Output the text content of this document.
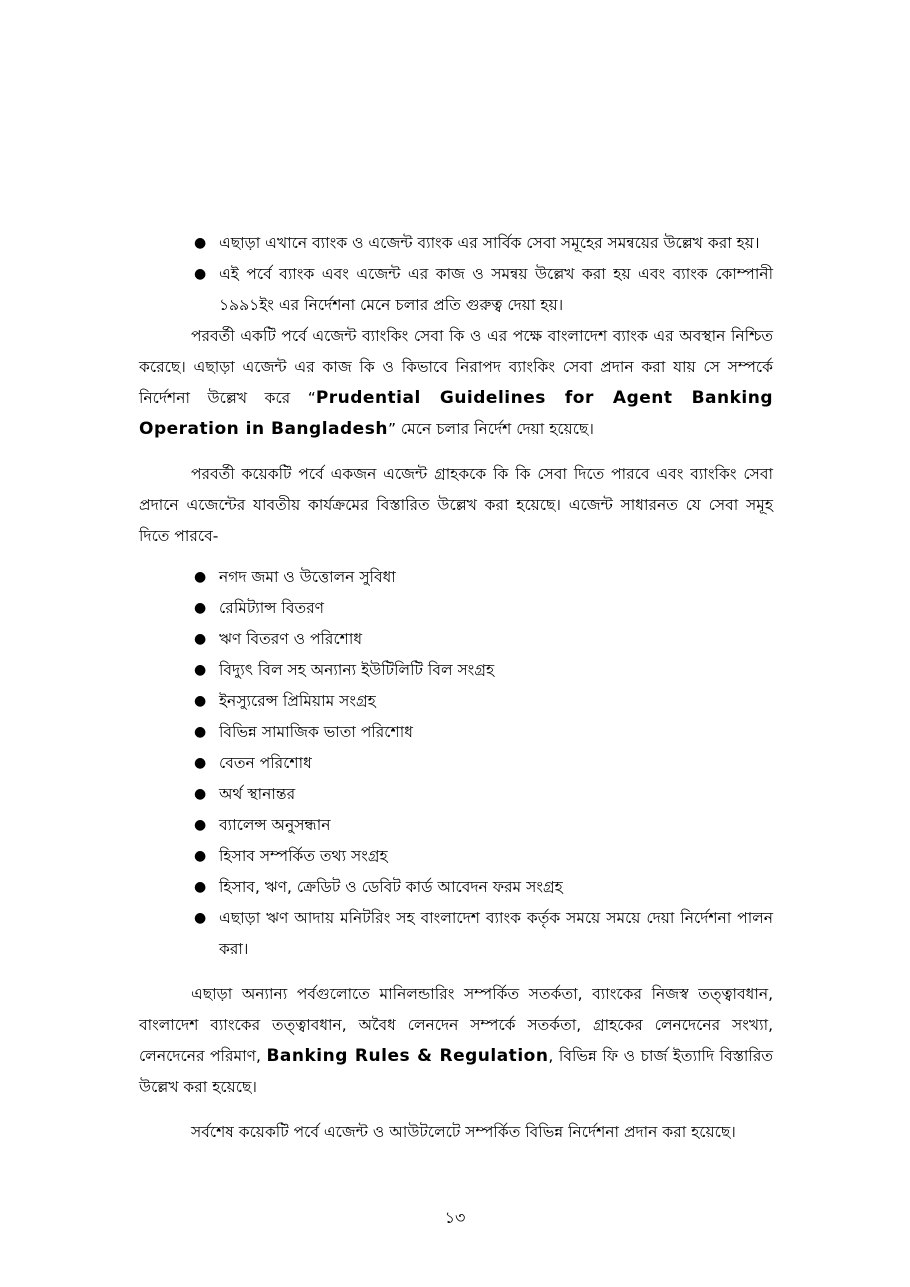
● এছাড়া এখানে ব্যাংক ও এজেন্ট ব্যাংক এর সার্বিক সেবা সমূহের সমন্বয়ের উল্লেখ করা হয়।
● এই পর্বে ব্যাংক এবং এজেন্ট এর কাজ ও সমন্বয় উল্লেখ করা হয় এবং ব্যাংক কোম্পানী ১৯৯১ইং এর নির্দেশনা মেনে চলার প্রতি গুরুত্ব দেয়া হয়।

পরবর্তী একটি পর্বে এজেন্ট ব্যাংকিং সেবা কি ও এর পক্ষে বাংলাদেশ ব্যাংক এর অবস্থান নিশ্চিত করেছে। এছাড়া এজেন্ট এর কাজ কি ও কিভাবে নিরাপদ ব্যাংকিং সেবা প্রদান করা যায় সে সম্পর্কে নির্দেশনা উল্লেখ করে “Prudential Guidelines for Agent Banking Operation in Bangladesh” মেনে চলার নির্দেশ দেয়া হয়েছে।

পরবর্তী কয়েকটি পর্বে একজন এজেন্ট গ্রাহককে কি কি সেবা দিতে পারবে এবং ব্যাংকিং সেবা প্রদানে এজেন্টের যাবতীয় কার্যক্রমের বিস্তারিত উল্লেখ করা হয়েছে। এজেন্ট সাধারনত যে সেবা সমূহ দিতে পারবে-

● নগদ জমা ও উত্তোলন সুবিধা
● রেমিট্যান্স বিতরণ
● ঋণ বিতরণ ও পরিশোধ
● বিদ্যুৎ বিল সহ অন্যান্য ইউটিলিটি বিল সংগ্রহ
● ইনস্যুরেন্স প্রিমিয়াম সংগ্রহ
● বিভিন্ন সামাজিক ভাতা পরিশোধ
● বেতন পরিশোধ
● অর্থ স্থানান্তর
● ব্যালেন্স অনুসন্ধান
● হিসাব সম্পর্কিত তথ্য সংগ্রহ
● হিসাব, ঋণ, ক্রেডিট ও ডেবিট কার্ড আবেদন ফরম সংগ্রহ
● এছাড়া ঋণ আদায় মনিটরিং সহ বাংলাদেশ ব্যাংক কর্তৃক সময়ে সময়ে দেয়া নির্দেশনা পালন করা।

এছাড়া অন্যান্য পর্বগুলোতে মানিলন্ডারিং সম্পর্কিত সতর্কতা, ব্যাংকের নিজস্ব তত্ত্বাবধান, বাংলাদেশ ব্যাংকের তত্ত্বাবধান, অবৈধ লেনদেন সম্পর্কে সতর্কতা, গ্রাহকের লেনদেনের সংখ্যা, লেনদেনের পরিমাণ, Banking Rules & Regulation, বিভিন্ন ফি ও চার্জ ইত্যাদি বিস্তারিত উল্লেখ করা হয়েছে।

সর্বশেষ কয়েকটি পর্বে এজেন্ট ও আউটলেটে সম্পর্কিত বিভিন্ন নির্দেশনা প্রদান করা হয়েছে।

১৩
